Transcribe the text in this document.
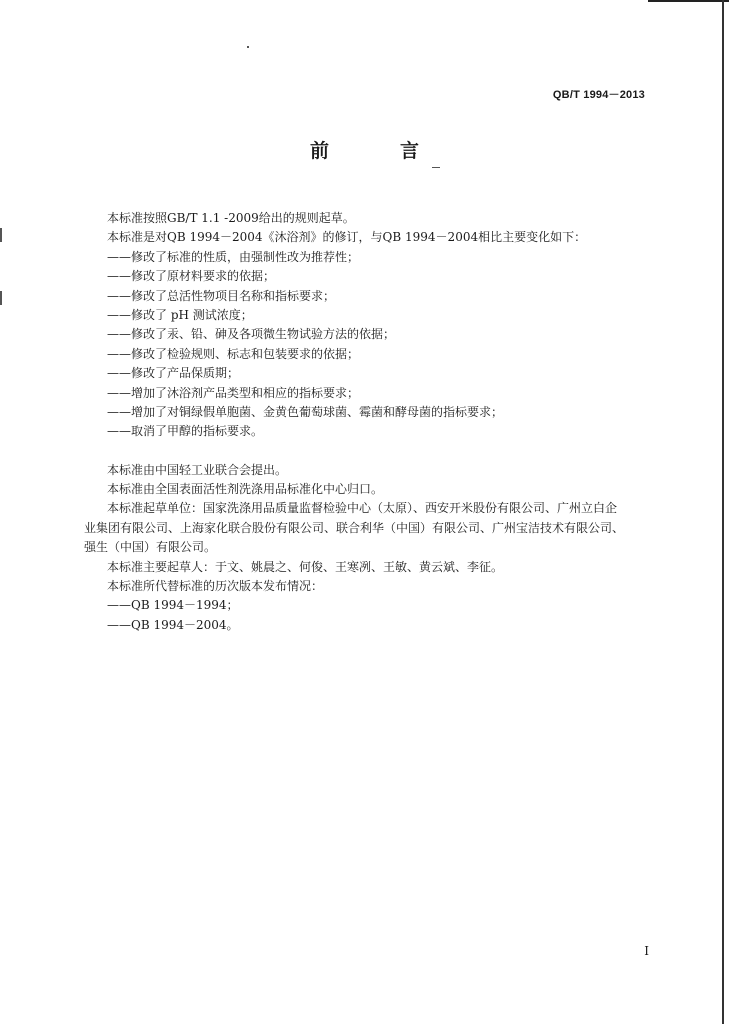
QB/T 1994－2013
前　言
本标准按照GB/T 1.1 -2009给出的规则起草。
本标准是对QB 1994－2004《沐浴剂》的修订，与QB 1994－2004相比主要变化如下：
——修改了标准的性质，由强制性改为推荐性；
——修改了原材料要求的依据；
——修改了总活性物项目名称和指标要求；
——修改了 pH 测试浓度；
——修改了汞、铅、砷及各项微生物试验方法的依据；
——修改了检验规则、标志和包装要求的依据；
——修改了产品保质期；
——增加了沐浴剂产品类型和相应的指标要求；
——增加了对铜绿假单胞菌、金黄色葡萄球菌、霉菌和酵母菌的指标要求；
——取消了甲醇的指标要求。
本标准由中国轻工业联合会提出。
本标准由全国表面活性剂洗涤用品标准化中心归口。
本标准起草单位：国家洗涤用品质量监督检验中心（太原）、西安开米股份有限公司、广州立白企
业集团有限公司、上海家化联合股份有限公司、联合利华（中国）有限公司、广州宝洁技术有限公司、
强生（中国）有限公司。
本标准主要起草人：于文、姚晨之、何俊、王寒冽、王敏、黄云斌、李征。
本标准所代替标准的历次版本发布情况：
——QB 1994－1994；
——QB 1994－2004。
I
